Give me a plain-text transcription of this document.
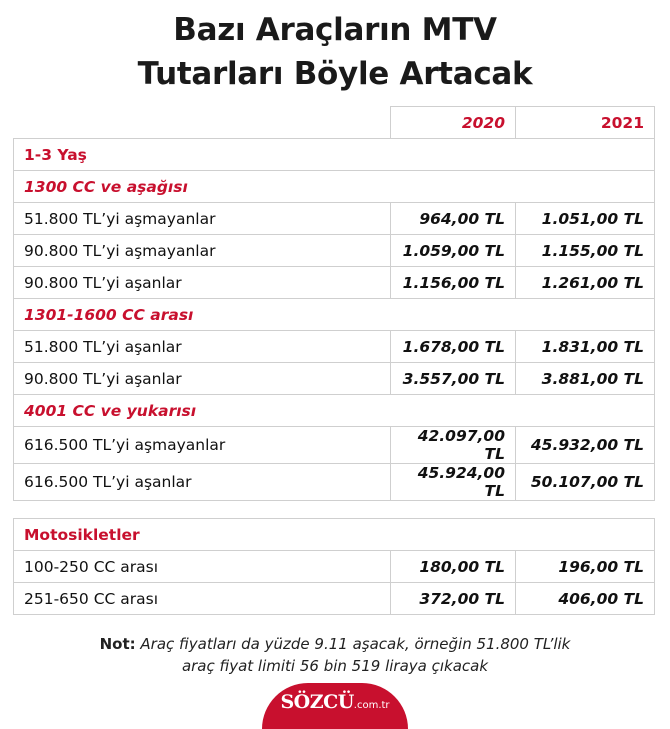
Bazı Araçların MTV
Tutarları Böyle Artacak
	2020	2021
1-3 Yaş		
1300 CC ve aşağısı		
51.800 TL’yi aşmayanlar	964,00 TL	1.051,00 TL
90.800 TL’yi aşmayanlar	1.059,00 TL	1.155,00 TL
90.800 TL’yi aşanlar	1.156,00 TL	1.261,00 TL
1301-1600 CC arası		
51.800 TL’yi aşanlar	1.678,00 TL	1.831,00 TL
90.800 TL’yi aşanlar	3.557,00 TL	3.881,00 TL
4001 CC ve yukarısı		
616.500 TL’yi aşmayanlar	42.097,00 TL	45.932,00 TL
616.500 TL’yi aşanlar	45.924,00 TL	50.107,00 TL
Motosikletler		
100-250 CC arası	180,00 TL	196,00 TL
251-650 CC arası	372,00 TL	406,00 TL
Not: Araç fiyatları da yüzde 9.11 aşacak, örneğin 51.800 TL’lik
araç fiyat limiti 56 bin 519 liraya çıkacak
SÖZCÜ.com.tr
